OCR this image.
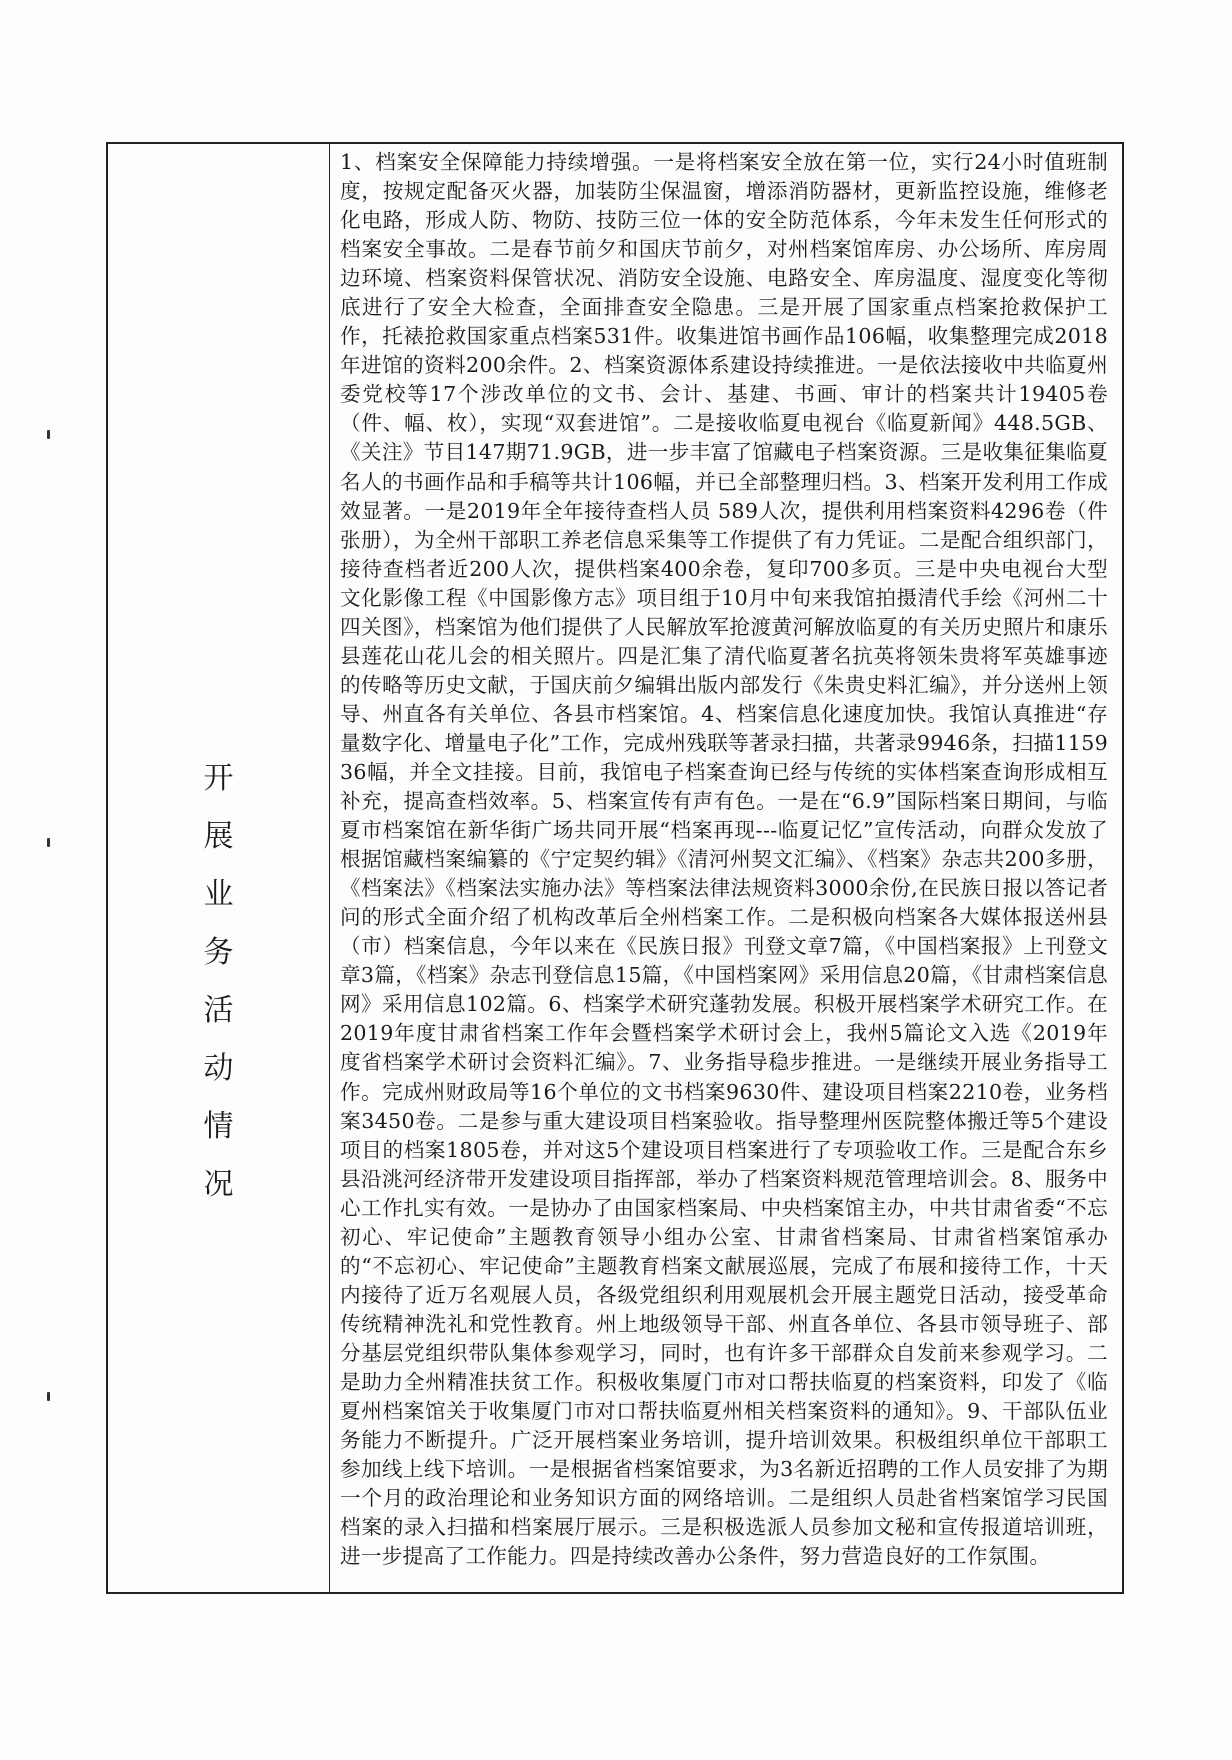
开
展
业
务
活
动
情
况

1、档案安全保障能力持续增强。一是将档案安全放在第一位，实行24小时值班制度，按规定配备灭火器，加装防尘保温窗，增添消防器材，更新监控设施，维修老化电路，形成人防、物防、技防三位一体的安全防范体系，今年未发生任何形式的档案安全事故。二是春节前夕和国庆节前夕，对州档案馆库房、办公场所、库房周边环境、档案资料保管状况、消防安全设施、电路安全、库房温度、湿度变化等彻底进行了安全大检查，全面排查安全隐患。三是开展了国家重点档案抢救保护工作，托裱抢救国家重点档案531件。收集进馆书画作品106幅，收集整理完成2018年进馆的资料200余件。2、档案资源体系建设持续推进。一是依法接收中共临夏州委党校等17个涉改单位的文书、会计、基建、书画、审计的档案共计19405卷（件、幅、枚），实现“双套进馆”。二是接收临夏电视台《临夏新闻》448.5GB、《关注》节目147期71.9GB，进一步丰富了馆藏电子档案资源。三是收集征集临夏名人的书画作品和手稿等共计106幅，并已全部整理归档。3、档案开发利用工作成效显著。一是2019年全年接待查档人员 589人次，提供利用档案资料4296卷（件张册），为全州干部职工养老信息采集等工作提供了有力凭证。二是配合组织部门，接待查档者近200人次，提供档案400余卷，复印700多页。三是中央电视台大型文化影像工程《中国影像方志》项目组于10月中旬来我馆拍摄清代手绘《河州二十四关图》，档案馆为他们提供了人民解放军抢渡黄河解放临夏的有关历史照片和康乐县莲花山花儿会的相关照片。四是汇集了清代临夏著名抗英将领朱贵将军英雄事迹的传略等历史文献，于国庆前夕编辑出版内部发行《朱贵史料汇编》，并分送州上领导、州直各有关单位、各县市档案馆。4、档案信息化速度加快。我馆认真推进“存量数字化、增量电子化”工作，完成州残联等著录扫描，共著录9946条，扫描115936幅，并全文挂接。目前，我馆电子档案查询已经与传统的实体档案查询形成相互补充，提高查档效率。5、档案宣传有声有色。一是在“6.9”国际档案日期间，与临夏市档案馆在新华街广场共同开展“档案再现---临夏记忆”宣传活动，向群众发放了根据馆藏档案编纂的《宁定契约辑》《清河州契文汇编》、《档案》杂志共200多册，《档案法》《档案法实施办法》等档案法律法规资料3000余份,在民族日报以答记者问的形式全面介绍了机构改革后全州档案工作。二是积极向档案各大媒体报送州县（市）档案信息，今年以来在《民族日报》刊登文章7篇，《中国档案报》上刊登文章3篇，《档案》杂志刊登信息15篇，《中国档案网》采用信息20篇，《甘肃档案信息网》采用信息102篇。6、档案学术研究蓬勃发展。积极开展档案学术研究工作。在2019年度甘肃省档案工作年会暨档案学术研讨会上，我州5篇论文入选《2019年度省档案学术研讨会资料汇编》。7、业务指导稳步推进。一是继续开展业务指导工作。完成州财政局等16个单位的文书档案9630件、建设项目档案2210卷，业务档案3450卷。二是参与重大建设项目档案验收。指导整理州医院整体搬迁等5个建设项目的档案1805卷，并对这5个建设项目档案进行了专项验收工作。三是配合东乡县沿洮河经济带开发建设项目指挥部，举办了档案资料规范管理培训会。8、服务中心工作扎实有效。一是协办了由国家档案局、中央档案馆主办，中共甘肃省委“不忘初心、牢记使命”主题教育领导小组办公室、甘肃省档案局、甘肃省档案馆承办的“不忘初心、牢记使命”主题教育档案文献展巡展，完成了布展和接待工作，十天内接待了近万名观展人员，各级党组织利用观展机会开展主题党日活动，接受革命传统精神洗礼和党性教育。州上地级领导干部、州直各单位、各县市领导班子、部分基层党组织带队集体参观学习，同时，也有许多干部群众自发前来参观学习。二是助力全州精准扶贫工作。积极收集厦门市对口帮扶临夏的档案资料，印发了《临夏州档案馆关于收集厦门市对口帮扶临夏州相关档案资料的通知》。9、干部队伍业务能力不断提升。广泛开展档案业务培训，提升培训效果。积极组织单位干部职工参加线上线下培训。一是根据省档案馆要求，为3名新近招聘的工作人员安排了为期一个月的政治理论和业务知识方面的网络培训。二是组织人员赴省档案馆学习民国档案的录入扫描和档案展厅展示。三是积极选派人员参加文秘和宣传报道培训班，进一步提高了工作能力。四是持续改善办公条件，努力营造良好的工作氛围。
